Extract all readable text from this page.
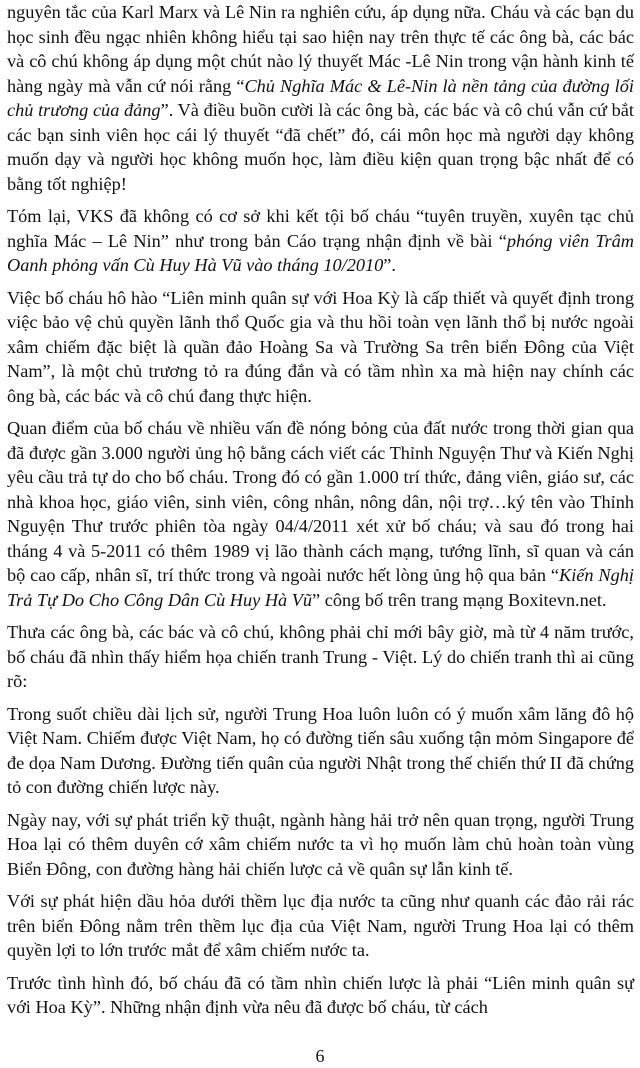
nguyên tắc của Karl Marx và Lê Nin ra nghiên cứu, áp dụng nữa. Cháu và các bạn du học sinh đều ngạc nhiên không hiểu tại sao hiện nay trên thực tế các ông bà, các bác và cô chú không áp dụng một chút nào lý thuyết Mác -Lê Nin trong vận hành kinh tế hàng ngày mà vẫn cứ nói rằng “Chủ Nghĩa Mác & Lê-Nin là nền tảng của đường lối chủ trương của đảng”. Và điều buồn cười là các ông bà, các bác và cô chú vẫn cứ bắt các bạn sinh viên học cái lý thuyết “đã chết” đó, cái môn học mà người dạy không muốn dạy và người học không muốn học, làm điều kiện quan trọng bậc nhất để có bằng tốt nghiệp!

Tóm lại, VKS đã không có cơ sở khi kết tội bố cháu “tuyên truyền, xuyên tạc chủ nghĩa Mác – Lê Nin” như trong bản Cáo trạng nhận định về bài “phóng viên Trâm Oanh phỏng vấn Cù Huy Hà Vũ vào tháng 10/2010”.

Việc bố cháu hô hào “Liên minh quân sự với Hoa Kỳ là cấp thiết và quyết định trong việc bảo vệ chủ quyền lãnh thổ Quốc gia và thu hồi toàn vẹn lãnh thổ bị nước ngoài xâm chiếm đặc biệt là quần đảo Hoàng Sa và Trường Sa trên biển Đông của Việt Nam”, là một chủ trương tỏ ra đúng đắn và có tầm nhìn xa mà hiện nay chính các ông bà, các bác và cô chú đang thực hiện.

Quan điểm của bố cháu về nhiều vấn đề nóng bỏng của đất nước trong thời gian qua đã được gần 3.000 người ủng hộ bằng cách viết các Thỉnh Nguyện Thư và Kiến Nghị yêu cầu trả tự do cho bố cháu. Trong đó có gần 1.000 trí thức, đảng viên, giáo sư, các nhà khoa học, giáo viên, sinh viên, công nhân, nông dân, nội trợ…ký tên vào Thỉnh Nguyện Thư trước phiên tòa ngày 04/4/2011 xét xử bố cháu; và sau đó trong hai tháng 4 và 5-2011 có thêm 1989 vị lão thành cách mạng, tướng lĩnh, sĩ quan và cán bộ cao cấp, nhân sĩ, trí thức trong và ngoài nước hết lòng ủng hộ qua bản “Kiến Nghị Trả Tự Do Cho Công Dân Cù Huy Hà Vũ” công bố trên trang mạng Boxitevn.net.

Thưa các ông bà, các bác và cô chú, không phải chỉ mới bây giờ, mà từ 4 năm trước, bố cháu đã nhìn thấy hiểm họa chiến tranh Trung - Việt. Lý do chiến tranh thì ai cũng rõ:

Trong suốt chiều dài lịch sử, người Trung Hoa luôn luôn có ý muốn xâm lăng đô hộ Việt Nam. Chiếm được Việt Nam, họ có đường tiến sâu xuống tận mỏm Singapore để đe dọa Nam Dương. Đường tiến quân của người Nhật trong thế chiến thứ II đã chứng tỏ con đường chiến lược này.

Ngày nay, với sự phát triển kỹ thuật, ngành hàng hải trở nên quan trọng, người Trung Hoa lại có thêm duyên cớ xâm chiếm nước ta vì họ muốn làm chủ hoàn toàn vùng Biển Đông, con đường hàng hải chiến lược cả về quân sự lẫn kinh tế.

Với sự phát hiện dầu hỏa dưới thềm lục địa nước ta cũng như quanh các đảo rải rác trên biển Đông nằm trên thềm lục địa của Việt Nam, người Trung Hoa lại có thêm quyền lợi to lớn trước mắt để xâm chiếm nước ta.

Trước tình hình đó, bố cháu đã có tầm nhìn chiến lược là phải “Liên minh quân sự với Hoa Kỳ”. Những nhận định vừa nêu đã được bố cháu, từ cách

6
